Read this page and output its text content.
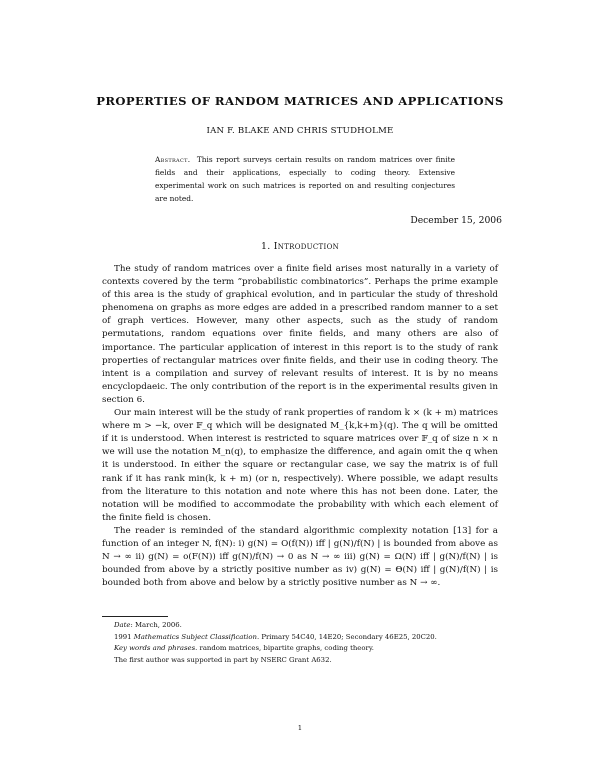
PROPERTIES OF RANDOM MATRICES AND APPLICATIONS
IAN F. BLAKE AND CHRIS STUDHOLME
Abstract. This report surveys certain results on random matrices over finite fields and their applications, especially to coding theory. Extensive experimental work on such matrices is reported on and resulting conjectures are noted.
December 15, 2006
1. Introduction

The study of random matrices over a finite field arises most naturally in a variety of contexts covered by the term ”probabilistic combinatorics”. Perhaps the prime example of this area is the study of graphical evolution, and in particular the study of threshold phenomena on graphs as more edges are added in a prescribed random manner to a set of graph vertices. However, many other aspects, such as the study of random permutations, random equations over finite fields, and many others are also of importance. The particular application of interest in this report is to the study of rank properties of rectangular matrices over finite fields, and their use in coding theory. The intent is a compilation and survey of relevant results of interest. It is by no means encyclopdaeic. The only contribution of the report is in the experimental results given in section 6.

Our main interest will be the study of rank properties of random k × (k + m) matrices where m > −k, over 𝔽_q which will be designated M_{k,k+m}(q). The q will be omitted if it is understood. When interest is restricted to square matrices over 𝔽_q of size n × n we will use the notation M_n(q), to emphasize the difference, and again omit the q when it is understood. In either the square or rectangular case, we say the matrix is of full rank if it has rank min(k, k + m) (or n, respectively). Where possible, we adapt results from the literature to this notation and note where this has not been done. Later, the notation will be modified to accommodate the probability with which each element of the finite field is chosen.

The reader is reminded of the standard algorithmic complexity notation [13] for a function of an integer N, f(N): i) g(N) = O(f(N)) iff | g(N)/f(N) | is bounded from above as N → ∞ ii) g(N) = o(F(N)) iff g(N)/f(N) → 0 as N → ∞ iii) g(N) = Ω(N) iff | g(N)/f(N) | is bounded from above by a strictly positive number as iv) g(N) = Θ(N) iff | g(N)/f(N) | is bounded both from above and below by a strictly positive number as N → ∞.

Date: March, 2006.
1991 Mathematics Subject Classification. Primary 54C40, 14E20; Secondary 46E25, 20C20.
Key words and phrases. random matrices, bipartite graphs, coding theory.
The first author was supported in part by NSERC Grant A632.
1
